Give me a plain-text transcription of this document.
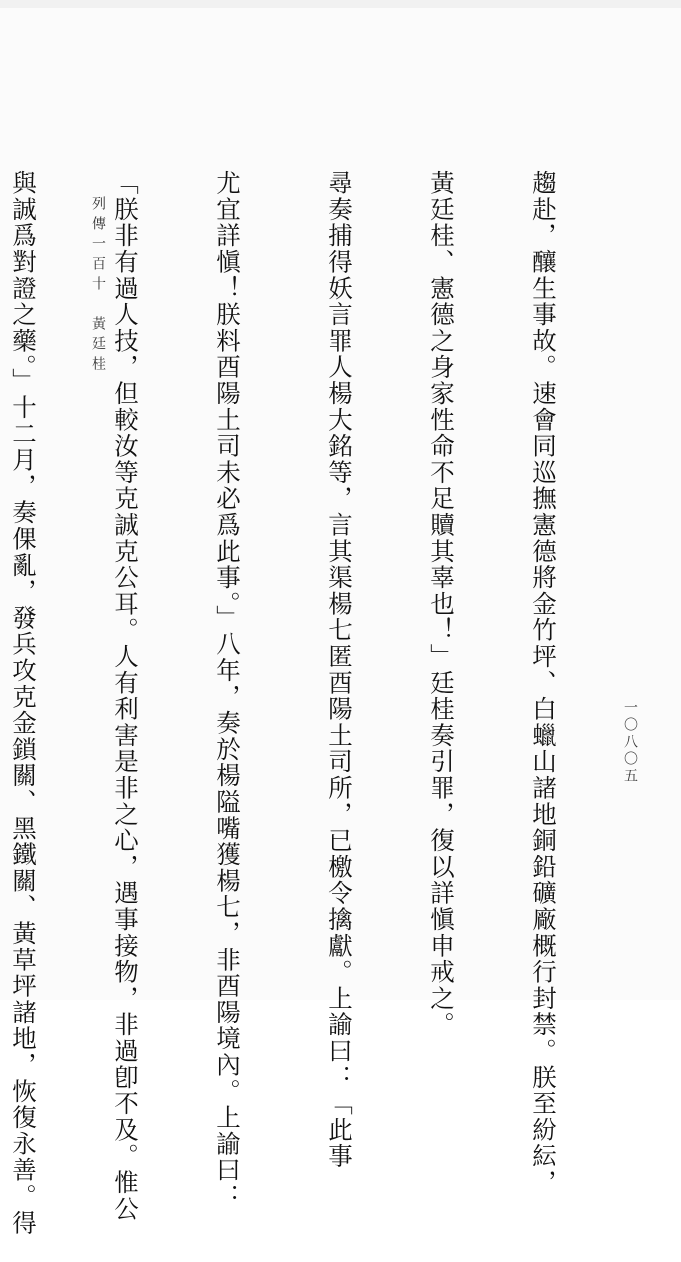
趨赴，釀生事故。速會同巡撫憲德將金竹坪、白蠟山諸地銅鉛礦廠概行封禁。朕至紛紜，

黃廷桂、憲德之身家性命不足贖其辜也！」廷桂奏引罪，復以詳愼申戒之。

尋奏捕得妖言罪人楊大銘等，言其渠楊七匿酉陽土司所，已檄令擒獻。上諭曰：「此事

尤宜詳愼！朕料酉陽土司未必爲此事。」八年，奏於楊隘嘴獲楊七，非酉陽境內。上諭曰：

「朕非有過人技，但較汝等克誠克公耳。人有利害是非之心，遇事接物，非過卽不及。惟公

與誠爲對證之藥。」十二月，奏倮亂，發兵攻克金鎖關、黑鐵關、黃草坪諸地，恢復永善。得

	列傳一百十　黃廷桂
一〇八〇五
